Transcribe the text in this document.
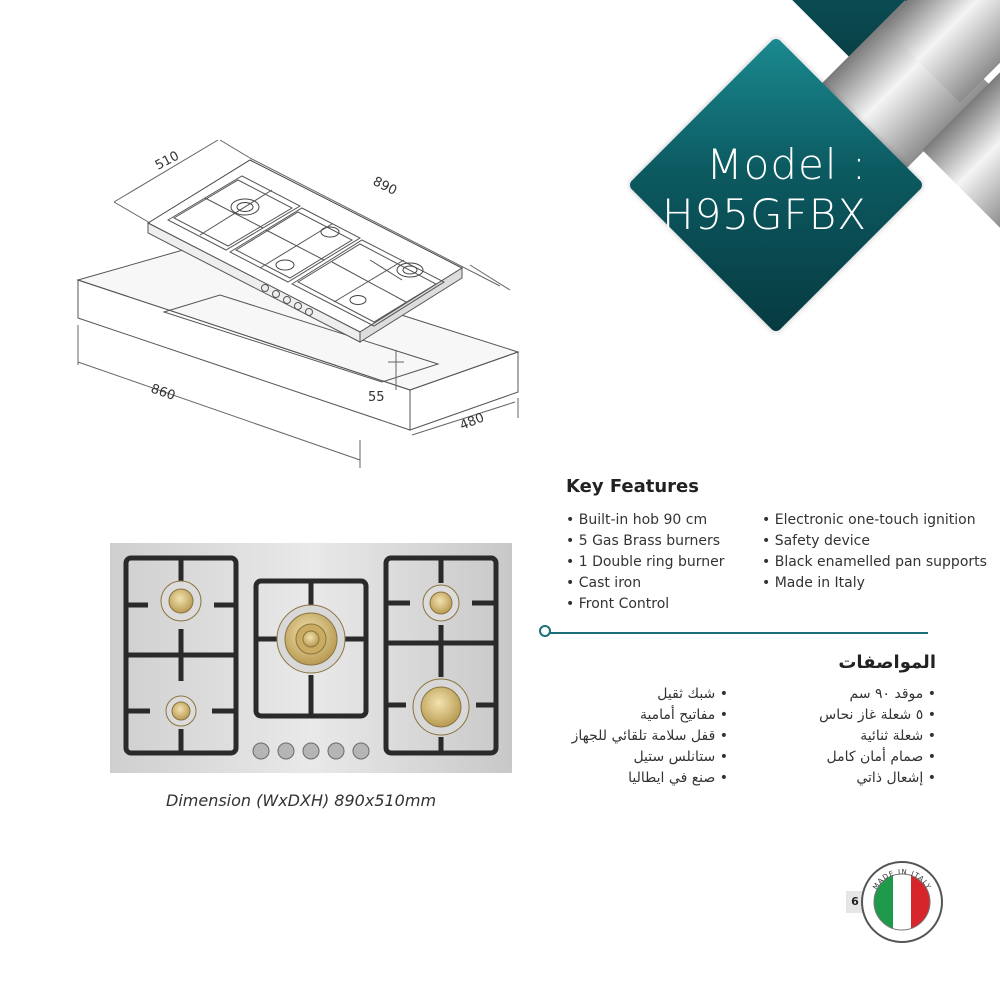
Model :
H95GFBX
510
890
860	55
480
Dimension (WxDXH) 890x510mm
Key Features
• Built-in hob 90 cm
• 5 Gas Brass burners
• 1 Double ring burner
• Cast iron
• Front Control
• Electronic one-touch ignition
• Safety device
• Black enamelled pan supports
• Made in Italy
المواصفات
• موقد ٩٠ سم
• ٥ شعلة غاز نحاس
• شعلة ثنائية
• صمام أمان كامل
• إشعال ذاتي
• شبك ثقيل
• مفاتيح أمامية
• قفل سلامة تلقائي للجهاز
• ستانلس ستيل
• صنع في ايطاليا
6
MADE IN ITALY
